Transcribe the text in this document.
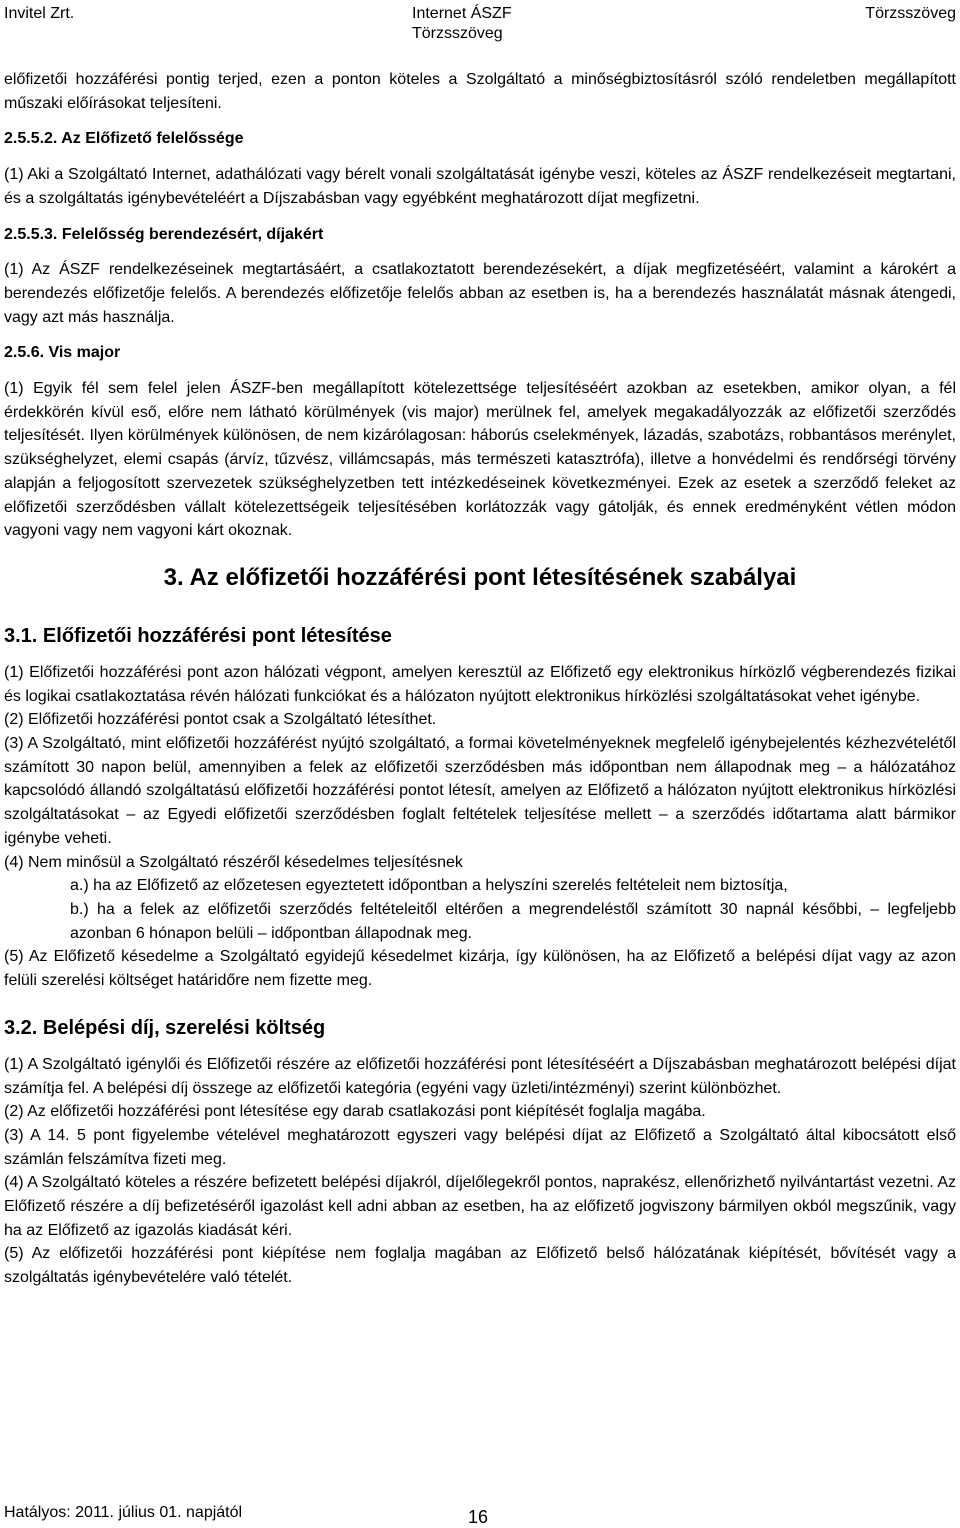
Invitel Zrt.	Internet ÁSZF
Törzsszöveg
Törzsszöveg

előfizetői hozzáférési pontig terjed, ezen a ponton köteles a Szolgáltató a minőségbiztosításról szóló rendeletben megállapított műszaki előírásokat teljesíteni.

2.5.5.2. Az Előfizető felelőssége

(1) Aki a Szolgáltató Internet, adathálózati vagy bérelt vonali szolgáltatását igénybe veszi, köteles az ÁSZF rendelkezéseit megtartani, és a szolgáltatás igénybevételéért a Díjszabásban vagy egyébként meghatározott díjat megfizetni.

2.5.5.3. Felelősség berendezésért, díjakért

(1) Az ÁSZF rendelkezéseinek megtartásáért, a csatlakoztatott berendezésekért, a díjak megfizetéséért, valamint a károkért a berendezés előfizetője felelős. A berendezés előfizetője felelős abban az esetben is, ha a berendezés használatát másnak átengedi, vagy azt más használja.

2.5.6. Vis major

(1) Egyik fél sem felel jelen ÁSZF-ben megállapított kötelezettsége teljesítéséért azokban az esetekben, amikor olyan, a fél érdekkörén kívül eső, előre nem látható körülmények (vis major) merülnek fel, amelyek megakadályozzák az előfizetői szerződés teljesítését. Ilyen körülmények különösen, de nem kizárólagosan: háborús cselekmények, lázadás, szabotázs, robbantásos merénylet, szükséghelyzet, elemi csapás (árvíz, tűzvész, villámcsapás, más természeti katasztrófa), illetve a honvédelmi és rendőrségi törvény alapján a feljogosított szervezetek szükséghelyzetben tett intézkedéseinek következményei. Ezek az esetek a szerződő feleket az előfizetői szerződésben vállalt kötelezettségeik teljesítésében korlátozzák vagy gátolják, és ennek eredményként vétlen módon vagyoni vagy nem vagyoni kárt okoznak.

3. Az előfizetői hozzáférési pont létesítésének szabályai

3.1. Előfizetői hozzáférési pont létesítése

(1) Előfizetői hozzáférési pont azon hálózati végpont, amelyen keresztül az Előfizető egy elektronikus hírközlő végberendezés fizikai és logikai csatlakoztatása révén hálózati funkciókat és a hálózaton nyújtott elektronikus hírközlési szolgáltatásokat vehet igénybe.

(2) Előfizetői hozzáférési pontot csak a Szolgáltató létesíthet.

(3) A Szolgáltató, mint előfizetői hozzáférést nyújtó szolgáltató, a formai követelményeknek megfelelő igénybejelentés kézhezvételétől számított 30 napon belül, amennyiben a felek az előfizetői szerződésben más időpontban nem állapodnak meg – a hálózatához kapcsolódó állandó szolgáltatású előfizetői hozzáférési pontot létesít, amelyen az Előfizető a hálózaton nyújtott elektronikus hírközlési szolgáltatásokat – az Egyedi előfizetői szerződésben foglalt feltételek teljesítése mellett – a szerződés időtartama alatt bármikor igénybe veheti.

(4) Nem minősül a Szolgáltató részéről késedelmes teljesítésnek

a.) ha az Előfizető az előzetesen egyeztetett időpontban a helyszíni szerelés feltételeit nem biztosítja,

b.) ha a felek az előfizetői szerződés feltételeitől eltérően a megrendeléstől számított 30 napnál későbbi, – legfeljebb azonban 6 hónapon belüli – időpontban állapodnak meg.

(5) Az Előfizető késedelme a Szolgáltató egyidejű késedelmet kizárja, így különösen, ha az Előfizető a belépési díjat vagy az azon felüli szerelési költséget határidőre nem fizette meg.

3.2. Belépési díj, szerelési költség

(1) A Szolgáltató igénylői és Előfizetői részére az előfizetői hozzáférési pont létesítéséért a Díjszabásban meghatározott belépési díjat számítja fel. A belépési díj összege az előfizetői kategória (egyéni vagy üzleti/intézményi) szerint különbözhet.

(2) Az előfizetői hozzáférési pont létesítése egy darab csatlakozási pont kiépítését foglalja magába.

(3) A 14. 5 pont figyelembe vételével meghatározott egyszeri vagy belépési díjat az Előfizető a Szolgáltató által kibocsátott első számlán felszámítva fizeti meg.

(4) A Szolgáltató köteles a részére befizetett belépési díjakról, díjelőlegekről pontos, naprakész, ellenőrizhető nyilvántartást vezetni. Az Előfizető részére a díj befizetéséről igazolást kell adni abban az esetben, ha az előfizető jogviszony bármilyen okból megszűnik, vagy ha az Előfizető az igazolás kiadását kéri.

(5) Az előfizetői hozzáférési pont kiépítése nem foglalja magában az Előfizető belső hálózatának kiépítését, bővítését vagy a szolgáltatás igénybevételére való tételét.

Hatályos: 2011. július 01. napjától	16
